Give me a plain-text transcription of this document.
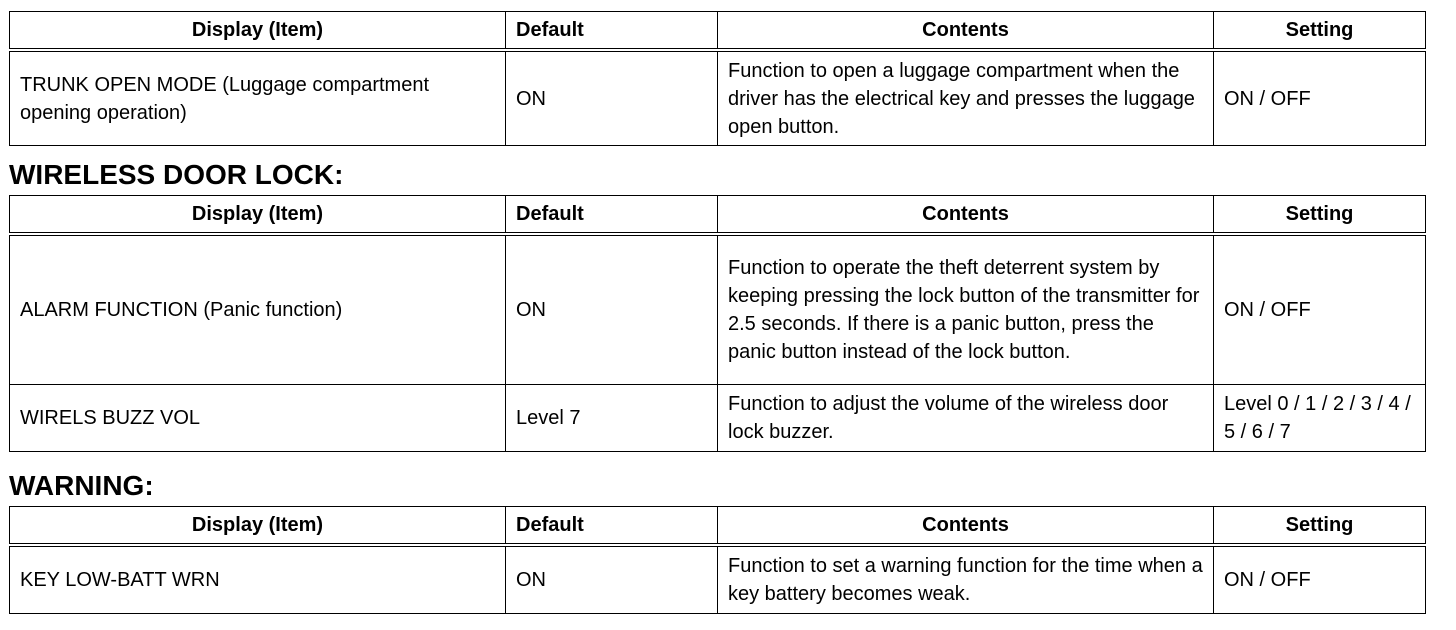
Display (Item)	Default	Contents	Setting
TRUNK OPEN MODE (Luggage compartment opening operation)	ON	Function to open a luggage compartment when the driver has the electrical key and presses the luggage open button.	ON / OFF
WIRELESS DOOR LOCK:
Display (Item)	Default	Contents	Setting
ALARM FUNCTION (Panic function)	ON	Function to operate the theft deterrent system by keeping pressing the lock button of the transmitter for 2.5 seconds. If there is a panic button, press the panic button instead of the lock button.	ON / OFF
WIRELS BUZZ VOL	Level 7	Function to adjust the volume of the wireless door lock buzzer.	Level 0 / 1 / 2 / 3 / 4 / 5 / 6 / 7
WARNING:
Display (Item)	Default	Contents	Setting
KEY LOW-BATT WRN	ON	Function to set a warning function for the time when a key battery becomes weak.	ON / OFF
